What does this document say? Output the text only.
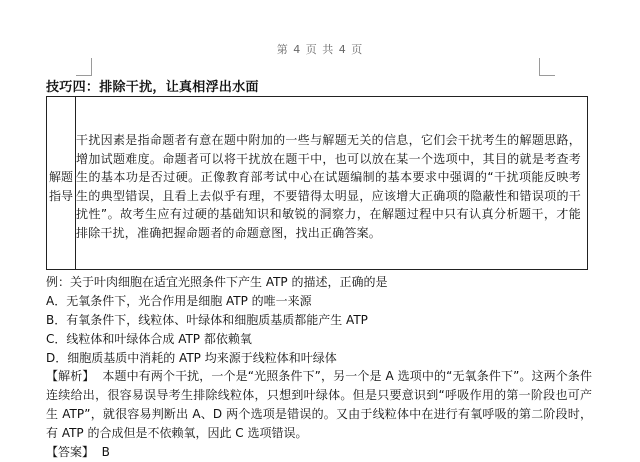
第 4 页 共 4 页
技巧四：排除干扰，让真相浮出水面
解题指导
干扰因素是指命题者有意在题中附加的一些与解题无关的信息，它们会干扰考生的解题思路，增加试题难度。命题者可以将干扰放在题干中，也可以放在某一个选项中，其目的就是考查考生的基本功是否过硬。正像教育部考试中心在试题编制的基本要求中强调的“干扰项能反映考生的典型错误，且看上去似乎有理，不要错得太明显，应该增大正确项的隐蔽性和错误项的干扰性”。故考生应有过硬的基础知识和敏锐的洞察力，在解题过程中只有认真分析题干，才能排除干扰，准确把握命题者的命题意图，找出正确答案。

例：关于叶肉细胞在适宜光照条件下产生 ATP 的描述，正确的是

A．无氧条件下，光合作用是细胞 ATP 的唯一来源

B．有氧条件下，线粒体、叶绿体和细胞质基质都能产生 ATP

C．线粒体和叶绿体合成 ATP 都依赖氧

D．细胞质基质中消耗的 ATP 均来源于线粒体和叶绿体

【解析】 本题中有两个干扰，一个是“光照条件下”，另一个是 A 选项中的“无氧条件下”。这两个条件连续给出，很容易误导考生排除线粒体，只想到叶绿体。但是只要意识到“呼吸作用的第一阶段也可产生 ATP”，就很容易判断出 A、D 两个选项是错误的。又由于线粒体中在进行有氧呼吸的第二阶段时，有 ATP 的合成但是不依赖氧，因此 C 选项错误。

【答案】 B
